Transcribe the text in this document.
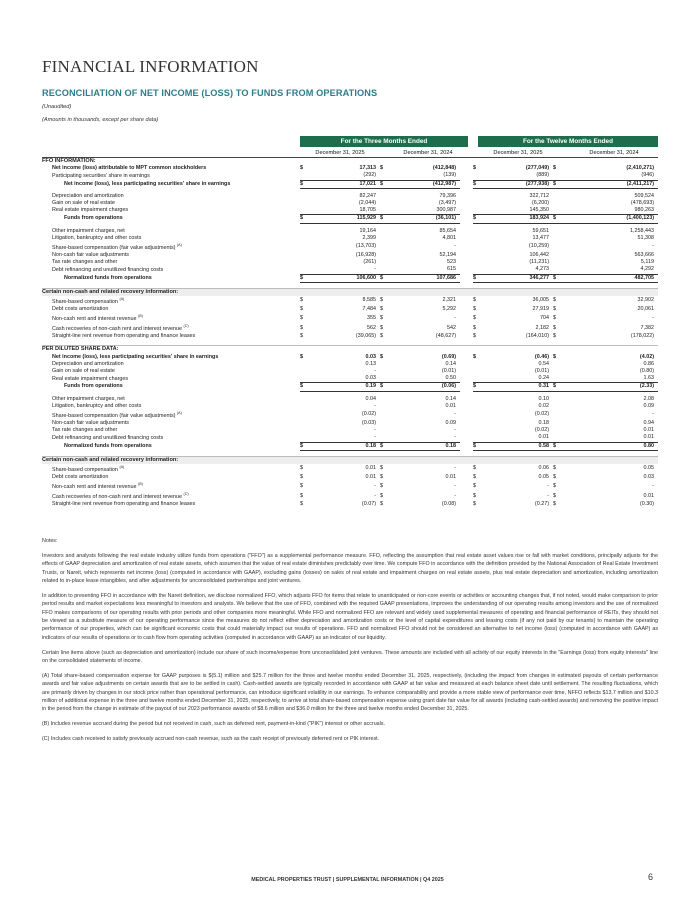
FINANCIAL INFORMATION
RECONCILIATION OF NET INCOME (LOSS) TO FUNDS FROM OPERATIONS
(Unaudited)
(Amounts in thousands, except per share data)
For the Three Months Ended	For the Twelve Months Ended
December 31, 2025	December 31, 2024	December 31, 2025	December 31, 2024
FFO INFORMATION:									
Net income (loss) attributable to MPT common stockholders	$	17,313	$	(412,848)		$	(277,049)	$	(2,410,271)
Participating securities' share in earnings		(292)		(139)			(889)		(946)
Net income (loss), less participating securities' share in earnings	$	17,021	$	(412,987)		$	(277,938)	$	(2,411,217)

Depreciation and amortization		82,247		79,396			322,712		509,524
Gain on sale of real estate		(2,044)		(3,497)			(6,200)		(478,693)
Real estate impairment charges		18,705		300,987			145,350		980,263
Funds from operations	$	115,929	$	(36,101)		$	183,924	$	(1,400,123)

Other impairment charges, net		19,164		85,654			59,651		1,258,443
Litigation, bankruptcy and other costs		2,399		4,801			13,477		51,308
Share-based compensation (fair value adjustments) $^{(A)}$		(13,703)		-			(10,259)		-
Non-cash fair value adjustments		(16,928)		52,194			106,442		563,666
Tax rate changes and other		(261)		523			(11,231)		5,119
Debt refinancing and unutilized financing costs		-		615			4,273		4,292
Normalized funds from operations	$	106,600	$	107,686		$	346,277	$	482,705

Certain non-cash and related recovery information:									
Share-based compensation $^{(A)}$	$	8,585	$	2,321		$	36,005	$	32,902
Debt costs amortization	$	7,484	$	5,292		$	27,919	$	20,061
Non-cash rent and interest revenue $^{(B)}$	$	355	$	-		$	704	$	-
Cash recoveries of non-cash rent and interest revenue $^{(C)}$	$	562	$	542		$	2,182	$	7,382
Straight-line rent revenue from operating and finance leases	$	(39,065)	$	(48,627)		$	(164,010)	$	(178,022)

PER DILUTED SHARE DATA:									
Net income (loss), less participating securities' share in earnings	$	0.03	$	(0.69)		$	(0.46)	$	(4.02)
Depreciation and amortization		0.13		0.14			0.54		0.86
Gain on sale of real estate		-		(0.01)			(0.01)		(0.80)
Real estate impairment charges		0.03		0.50			0.24		1.63
Funds from operations	$	0.19	$	(0.06)		$	0.31	$	(2.33)

Other impairment charges, net		0.04		0.14			0.10		2.08
Litigation, bankruptcy and other costs		-		0.01			0.02		0.09
Share-based compensation (fair value adjustments) $^{(A)}$		(0.02)		-			(0.02)		-
Non-cash fair value adjustments		(0.03)		0.09			0.18		0.94
Tax rate changes and other		-		-			(0.02)		0.01
Debt refinancing and unutilized financing costs		-		-			0.01		0.01
Normalized funds from operations	$	0.18	$	0.18		$	0.58	$	0.80

Certain non-cash and related recovery information:									
Share-based compensation $^{(A)}$	$	0.01	$	-		$	0.06	$	0.05
Debt costs amortization	$	0.01	$	0.01		$	0.05	$	0.03
Non-cash rent and interest revenue $^{(B)}$	$	-	$	-		$	-	$	-
Cash recoveries of non-cash rent and interest revenue $^{(C)}$	$	-	$	-		$	-	$	0.01
Straight-line rent revenue from operating and finance leases	$	(0.07)	$	(0.08)		$	(0.27)	$	(0.30)

Notes:

Investors and analysts following the real estate industry utilize funds from operations ("FFO") as a supplemental performance measure. FFO, reflecting the assumption that real estate asset values rise or fall with market conditions, principally adjusts for the effects of GAAP depreciation and amortization of real estate assets, which assumes that the value of real estate diminishes predictably over time. We compute FFO in accordance with the definition provided by the National Association of Real Estate Investment Trusts, or Nareit, which represents net income (loss) (computed in accordance with GAAP), excluding gains (losses) on sales of real estate and impairment charges on real estate assets, plus real estate depreciation and amortization, including amortization related to in-place lease intangibles, and after adjustments for unconsolidated partnerships and joint ventures.

In addition to presenting FFO in accordance with the Nareit definition, we disclose normalized FFO, which adjusts FFO for items that relate to unanticipated or non-core events or activities or accounting changes that, if not noted, would make comparison to prior period results and market expectations less meaningful to investors and analysts. We believe that the use of FFO, combined with the required GAAP presentations, improves the understanding of our operating results among investors and the use of normalized FFO makes comparisons of our operating results with prior periods and other companies more meaningful. While FFO and normalized FFO are relevant and widely used supplemental measures of operating and financial performance of REITs, they should not be viewed as a substitute measure of our operating performance since the measures do not reflect either depreciation and amortization costs or the level of capital expenditures and leasing costs (if any not paid by our tenants) to maintain the operating performance of our properties, which can be significant economic costs that could materially impact our results of operations. FFO and normalized FFO should not be considered an alternative to net income (loss) (computed in accordance with GAAP) as indicators of our results of operations or to cash flow from operating activities (computed in accordance with GAAP) as an indicator of our liquidity.

Certain line items above (such as depreciation and amortization) include our share of such income/expense from unconsolidated joint ventures. These amounts are included with all activity of our equity interests in the "Earnings (loss) from equity interests" line on the consolidated statements of income.

(A) Total share-based compensation expense for GAAP purposes is $(5.1) million and $25.7 million for the three and twelve months ended December 31, 2025, respectively, (including the impact from changes in estimated payouts of certain performance awards and fair value adjustments on certain awards that are to be settled in cash). Cash-settled awards are typically recorded in accordance with GAAP at fair value and measured at each balance sheet date until settlement. The resulting fluctuations, which are primarily driven by changes in our stock price rather than operational performance, can introduce significant volatility in our earnings. To enhance comparability and provide a more stable view of performance over time, NFFO reflects $13.7 million and $10.3 million of additional expense in the three and twelve months ended December 31, 2025, respectively, to arrive at total share-based compensation expense using grant date fair value for all awards (including cash-settled awards) and removing the positive impact in the period from the change in estimate of the payout of our 2023 performance awards of $8.6 million and $36.0 million for the three and twelve months ended December 31, 2025.

(B) Includes revenue accrued during the period but not received in cash, such as deferred rent, payment-in-kind ("PIK") interest or other accruals.

(C) Includes cash received to satisfy previously accrued non-cash revenue, such as the cash receipt of previously deferred rent or PIK interest.

MEDICAL PROPERTIES TRUST | SUPPLEMENTAL INFORMATION | Q4 2025	6
